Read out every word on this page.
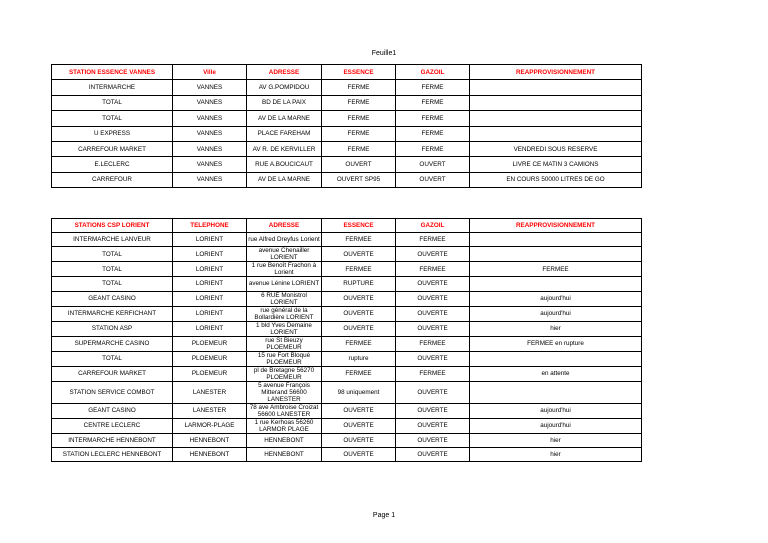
Feuille1
STATION ESSENCE VANNES	Ville	ADRESSE	ESSENCE	GAZOIL	REAPPROVISIONNEMENT
INTERMARCHE	VANNES	AV G.POMPIDOU	FERME	FERME	
TOTAL	VANNES	BD DE LA PAIX	FERME	FERME	
TOTAL	VANNES	AV DE LA MARNE	FERME	FERME	
U EXPRESS	VANNES	PLACE FAREHAM	FERME	FERME	
CARREFOUR MARKET	VANNES	AV R. DE KERVILLER	FERME	FERME	VENDREDI SOUS RESERVE
E.LECLERC	VANNES	RUE A.BOUCICAUT	OUVERT	OUVERT	LIVRE CE MATIN 3 CAMIONS
CARREFOUR	VANNES	AV DE LA MARNE	OUVERT SP95	OUVERT	EN COURS 50000 LITRES DE GO
STATIONS CSP LORIENT	TELEPHONE	ADRESSE	ESSENCE	GAZOIL	REAPPROVISIONNEMENT
INTERMARCHE LANVEUR	LORIENT	rue Alfred Dreyfus Lorient	FERMEE	FERMEE	
TOTAL	LORIENT	avenue Chenailler LORIENT	OUVERTE	OUVERTE	
TOTAL	LORIENT	1 rue Benoît Frachon à Lorient	FERMEE	FERMEE	FERMEE
TOTAL	LORIENT	avenue Lénine LORIENT	RUPTURE	OUVERTE	
GEANT CASINO	LORIENT	6 RUE Monistrol LORIENT	OUVERTE	OUVERTE	aujourd'hui
INTERMARCHE KERFICHANT	LORIENT	rue général de la Bollardière LORIENT	OUVERTE	OUVERTE	aujourd'hui
STATION ASP	LORIENT	1 bld Yves Demaine LORIENT	OUVERTE	OUVERTE	hier
SUPERMARCHE CASINO	PLOEMEUR	rue St Bieuzy PLOEMEUR	FERMEE	FERMEE	FERMEE en rupture
TOTAL	PLOEMEUR	15 rue Fort Bloqué PLOEMEUR	rupture	OUVERTE	
CARREFOUR MARKET	PLOEMEUR	pl de Bretagne 56270 PLOEMEUR	FERMEE	FERMEE	en attente
STATION SERVICE COMBOT	LANESTER	5 avenue François Mitterand 56600 LANESTER	98 uniquement	OUVERTE	
GEANT CASINO	LANESTER	78 ave Ambroise Croizat 56600 LANESTER	OUVERTE	OUVERTE	aujourd'hui
CENTRE LECLERC	LARMOR-PLAGE	1 rue Kerhoas 56260 LARMOR PLAGE	OUVERTE	OUVERTE	aujourd'hui
INTERMARCHE HENNEBONT	HENNEBONT	HENNEBONT	OUVERTE	OUVERTE	hier
STATION LECLERC HENNEBONT	HENNEBONT	HENNEBONT	OUVERTE	OUVERTE	hier
Page 1
